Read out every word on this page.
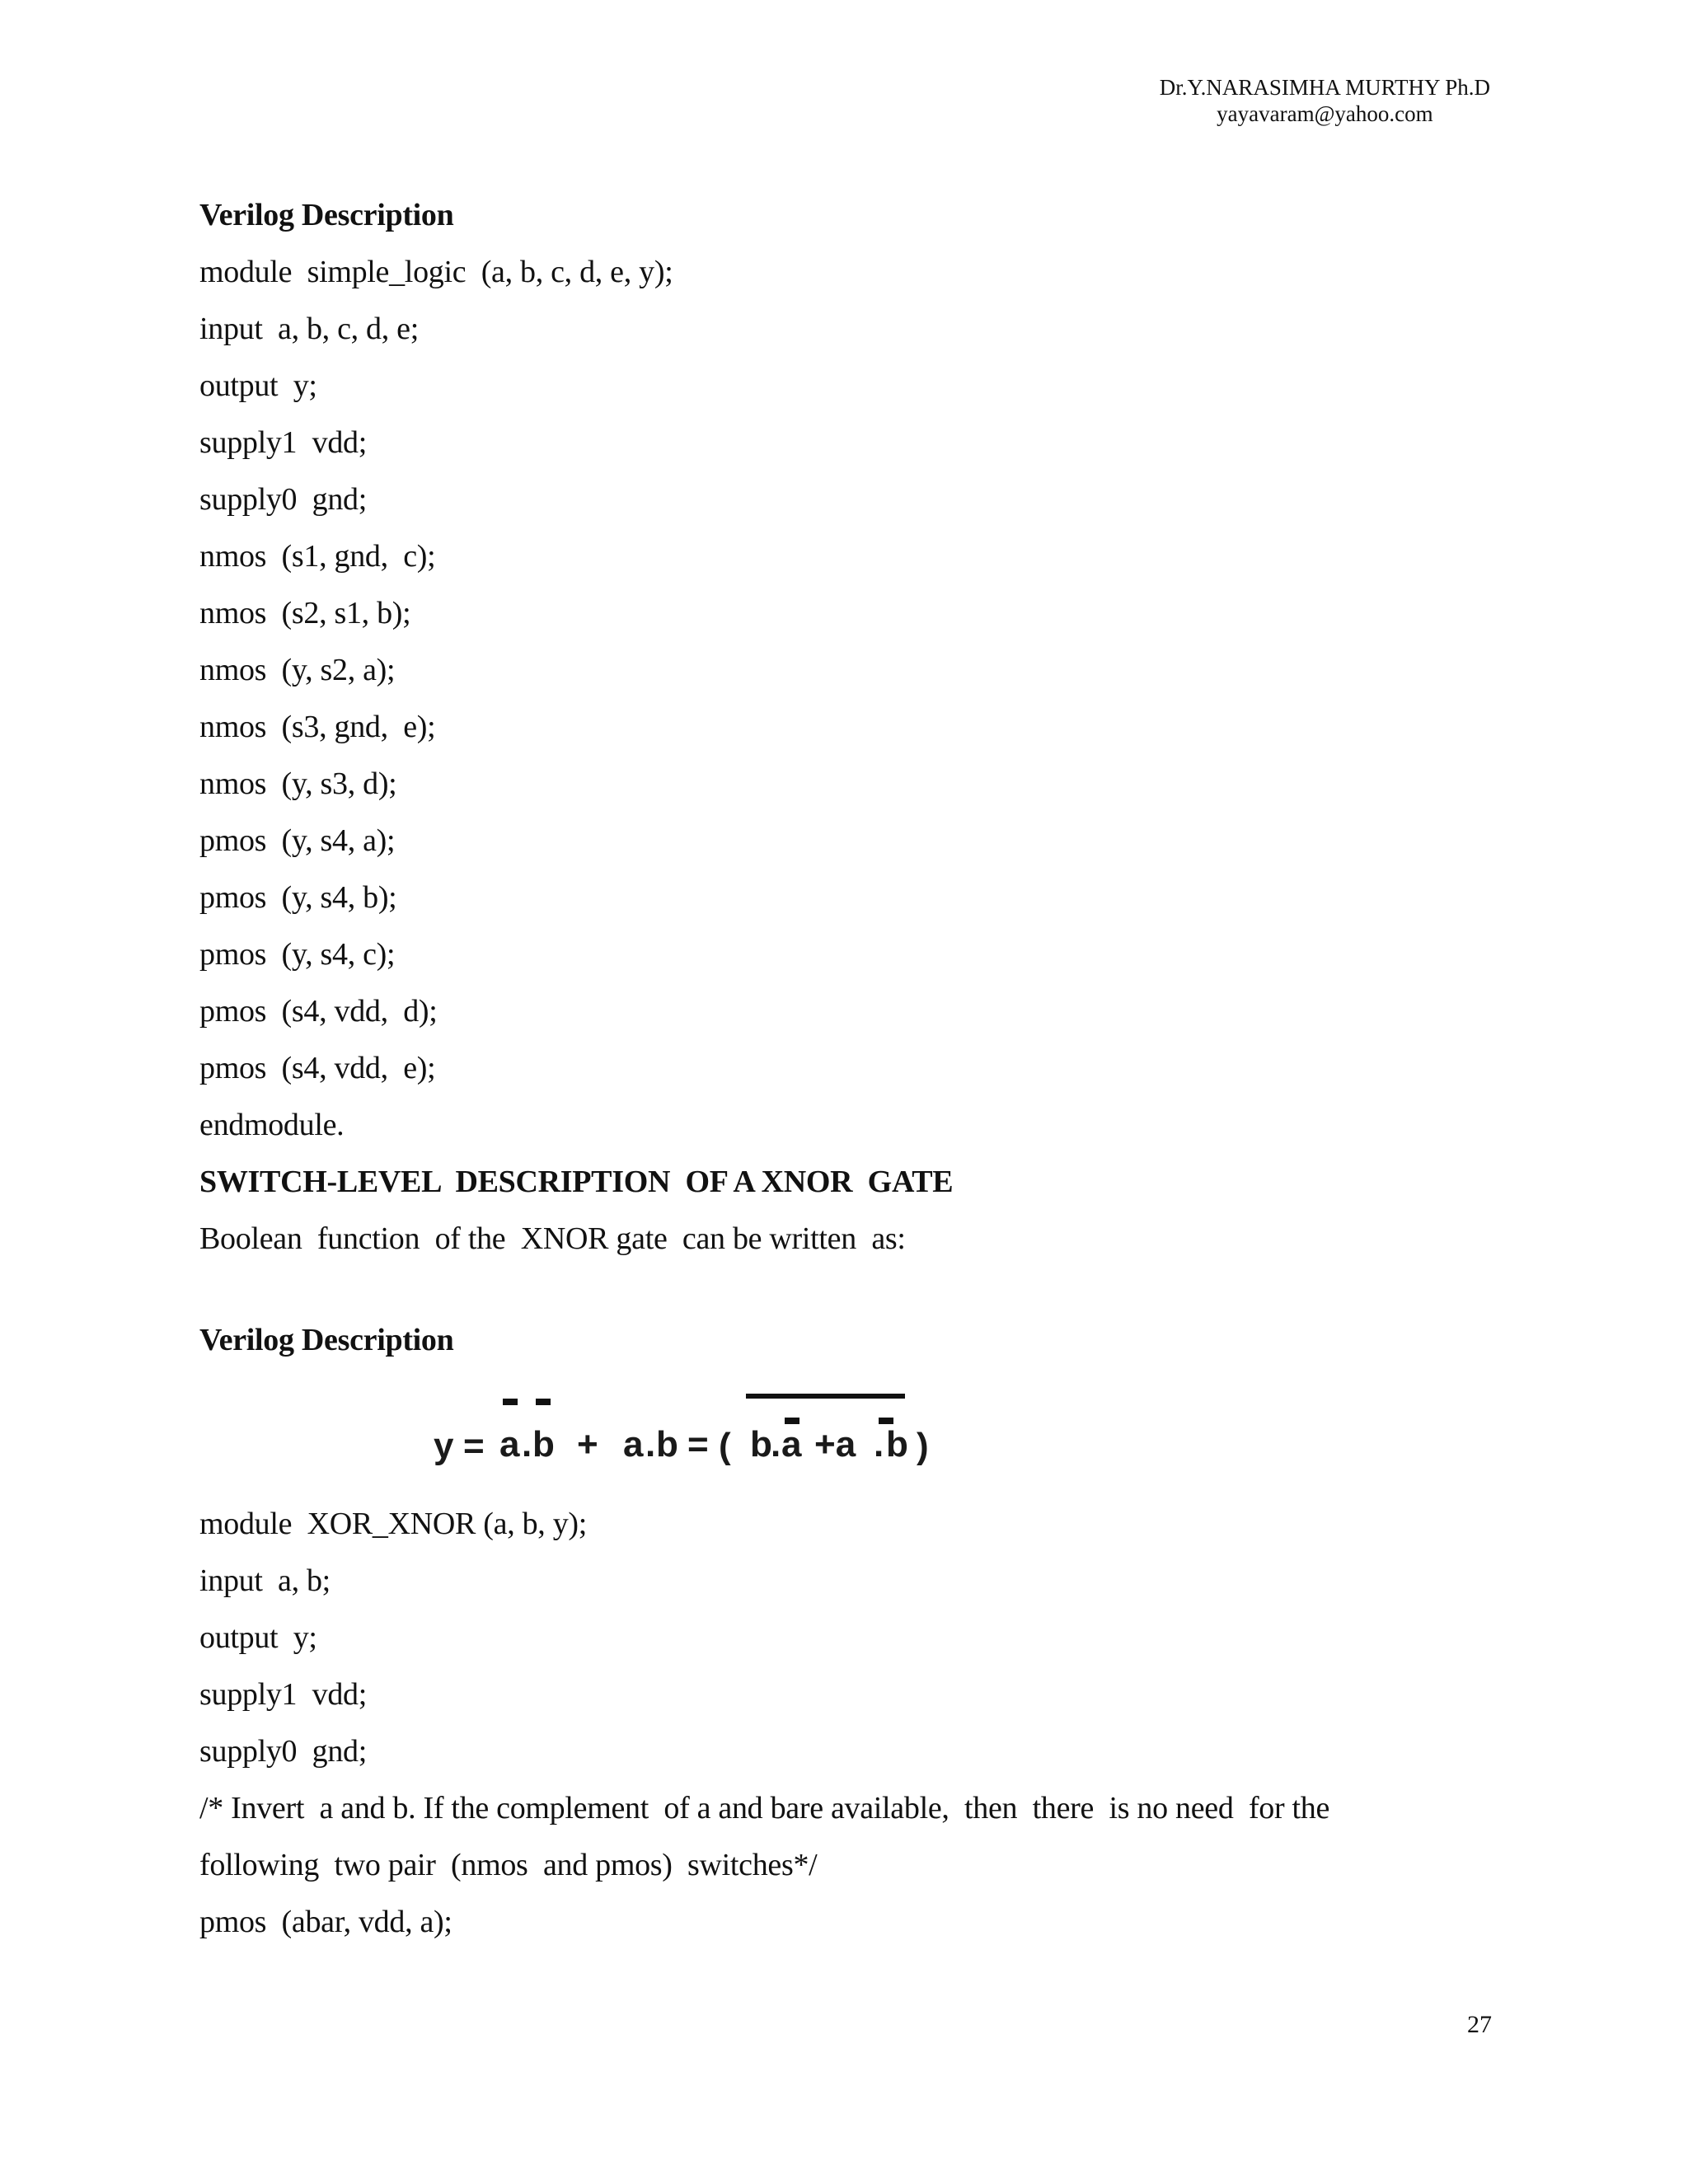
Dr.Y.NARASIMHA MURTHY Ph.D
yayavaram@yahoo.com
Verilog Description
module  simple_logic  (a, b, c, d, e, y);
input  a, b, c, d, e;
output  y;
supply1  vdd;
supply0  gnd;
nmos  (s1, gnd,  c);
nmos  (s2, s1, b);
nmos  (y, s2, a);
nmos  (s3, gnd,  e);
nmos  (y, s3, d);
pmos  (y, s4, a);
pmos  (y, s4, b);
pmos  (y, s4, c);
pmos  (s4, vdd,  d);
pmos  (s4, vdd,  e);
endmodule.
SWITCH-LEVEL  DESCRIPTION  OF A XNOR  GATE
Boolean  function  of the  XNOR gate  can be written  as:
Verilog Description
y = a . b + a . b = ( b
. a +a . b )
module  XOR_XNOR (a, b, y);
input  a, b;
output  y;
supply1  vdd;
supply0  gnd;
/* Invert  a and b. If the complement  of a and bare available,  then  there  is no need  for the
following  two pair  (nmos  and pmos)  switches*/
pmos  (abar, vdd, a);
27
